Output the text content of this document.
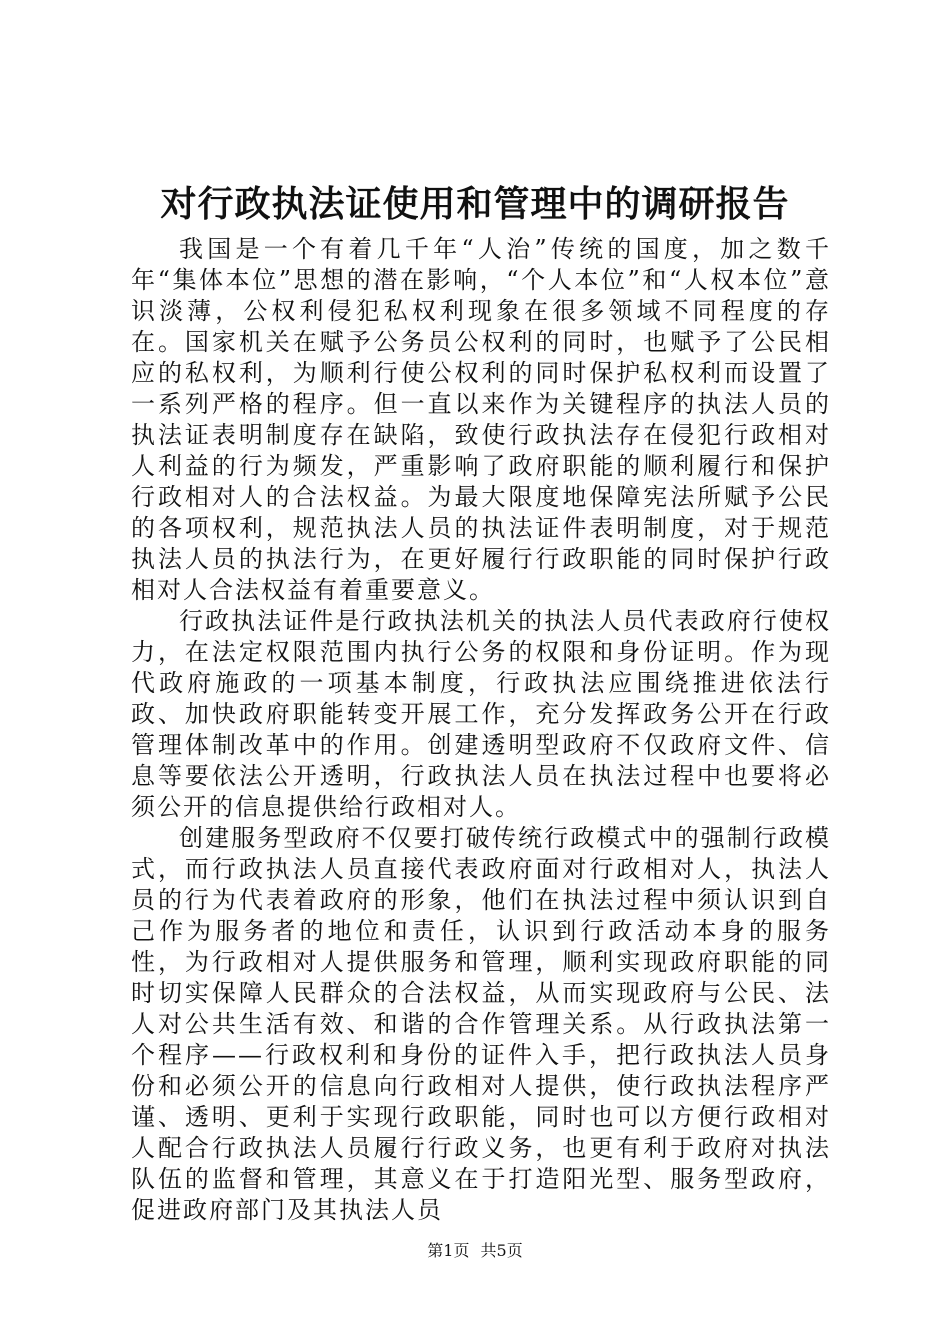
对行政执法证使用和管理中的调研报告

我国是一个有着几千年“人治”传统的国度，加之数千年“集体本位”思想的潜在影响，“个人本位”和“人权本位”意识淡薄，公权利侵犯私权利现象在很多领域不同程度的存在。国家机关在赋予公务员公权利的同时，也赋予了公民相应的私权利，为顺利行使公权利的同时保护私权利而设置了一系列严格的程序。但一直以来作为关键程序的执法人员的执法证表明制度存在缺陷，致使行政执法存在侵犯行政相对人利益的行为频发，严重影响了政府职能的顺利履行和保护行政相对人的合法权益。为最大限度地保障宪法所赋予公民的各项权利，规范执法人员的执法证件表明制度，对于规范执法人员的执法行为，在更好履行行政职能的同时保护行政相对人合法权益有着重要意义。

行政执法证件是行政执法机关的执法人员代表政府行使权力，在法定权限范围内执行公务的权限和身份证明。作为现代政府施政的一项基本制度，行政执法应围绕推进依法行政、加快政府职能转变开展工作，充分发挥政务公开在行政管理体制改革中的作用。创建透明型政府不仅政府文件、信息等要依法公开透明，行政执法人员在执法过程中也要将必须公开的信息提供给行政相对人。

创建服务型政府不仅要打破传统行政模式中的强制行政模式，而行政执法人员直接代表政府面对行政相对人，执法人员的行为代表着政府的形象，他们在执法过程中须认识到自己作为服务者的地位和责任，认识到行政活动本身的服务性，为行政相对人提供服务和管理，顺利实现政府职能的同时切实保障人民群众的合法权益，从而实现政府与公民、法人对公共生活有效、和谐的合作管理关系。从行政执法第一个程序——行政权利和身份的证件入手，把行政执法人员身份和必须公开的信息向行政相对人提供，使行政执法程序严谨、透明、更利于实现行政职能，同时也可以方便行政相对人配合行政执法人员履行行政义务，也更有利于政府对执法队伍的监督和管理，其意义在于打造阳光型、服务型政府，促进政府部门及其执法人员

第1页 共5页
